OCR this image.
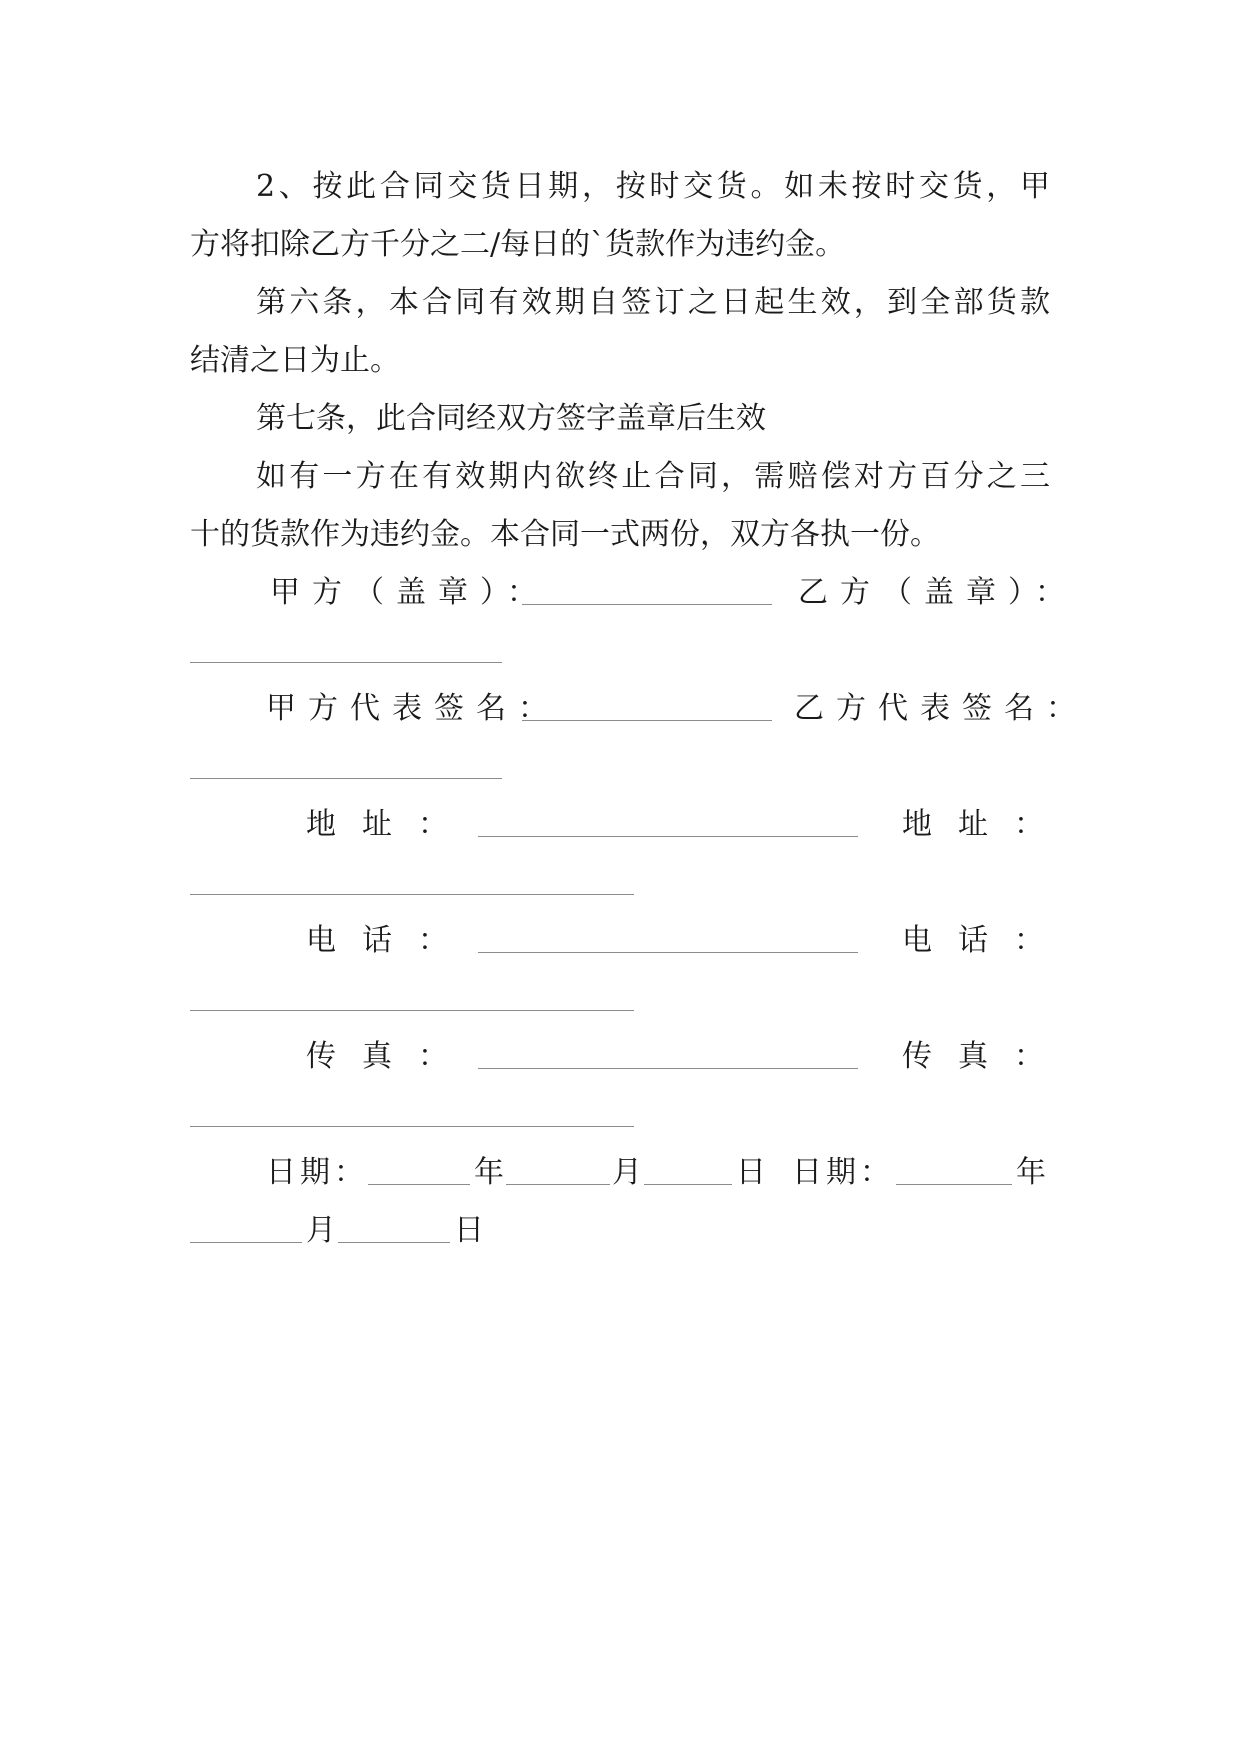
2、按此合同交货日期，按时交货。如未按时交货，甲
方将扣除乙方千分之二/每日的`货款作为违约金。
第六条，本合同有效期自签订之日起生效，到全部货款
结清之日为止。
第七条，此合同经双方签字盖章后生效
如有一方在有效期内欲终止合同，需赔偿对方百分之三
十的货款作为违约金。本合同一式两份，双方各执一份。
甲方（盖章）：	乙方（盖章）：
甲方代表签名：	乙方代表签名：
地址：	地址：
电话：	电话：
传真：	传真：
日期：	年	月	日 日期：	年
月	日
